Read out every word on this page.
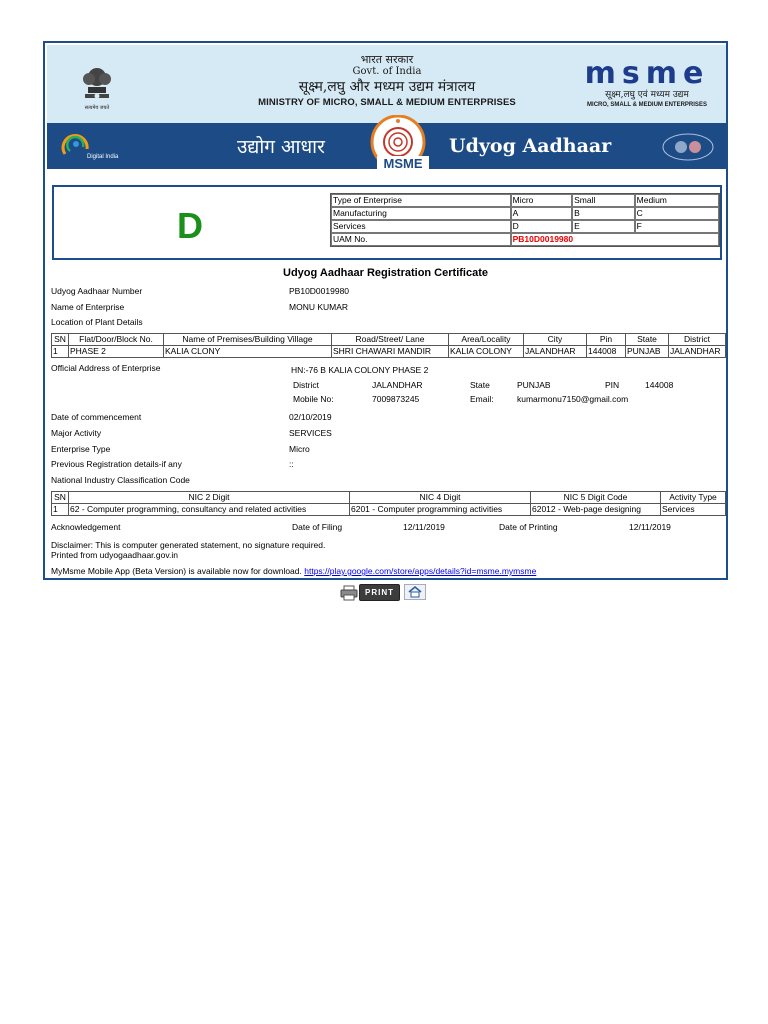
सत्यमेव जयते
भारत सरकार
Govt. of India
सूक्ष्म,लघु और मध्यम उद्यम मंत्रालय
MINISTRY OF MICRO, SMALL & MEDIUM ENTERPRISES
msme
सूक्ष्म,लघु एवं मध्यम उद्यम
MICRO, SMALL & MEDIUM ENTERPRISES
Digital India	उद्योग आधार
MSME
Udyog Aadhaar
D
Type of Enterprise	Micro	Small	Medium
Manufacturing	A	B	C
Services	D	E	F
UAM No.	PB10D0019980		
Udyog Aadhaar Registration Certificate
Udyog Aadhaar Number	PB10D0019980
Name of Enterprise	MONU KUMAR
Location of Plant Details
SN	Flat/Door/Block No.	Name of Premises/Building Village	Road/Street/ Lane	Area/Locality	City	Pin	State	District
1	PHASE 2	KALIA CLONY	SHRI CHAWARI MANDIR	KALIA COLONY	JALANDHAR	144008	PUNJAB	JALANDHAR
Official Address of Enterprise	HN:-76 B KALIA COLONY PHASE 2
District	JALANDHAR	State	PUNJAB	PIN	144008
Mobile No:	7009873245	Email:	kumarmonu7150@gmail.com
Date of commencement	02/10/2019
Major Activity	SERVICES
Enterprise Type	Micro
Previous Registration details-if any	::
National Industry Classification Code
SN	NIC 2 Digit	NIC 4 Digit	NIC 5 Digit Code	Activity Type
1	62 - Computer programming, consultancy and related activities	6201 - Computer programming activities	62012 - Web-page designing	Services
Acknowledgement	Date of Filing	12/11/2019	Date of Printing	12/11/2019
Disclaimer: This is computer generated statement, no signature required.
Printed from udyogaadhaar.gov.in
MyMsme Mobile App (Beta Version) is available now for download. https://play.google.com/store/apps/details?id=msme.mymsme
PRINT
